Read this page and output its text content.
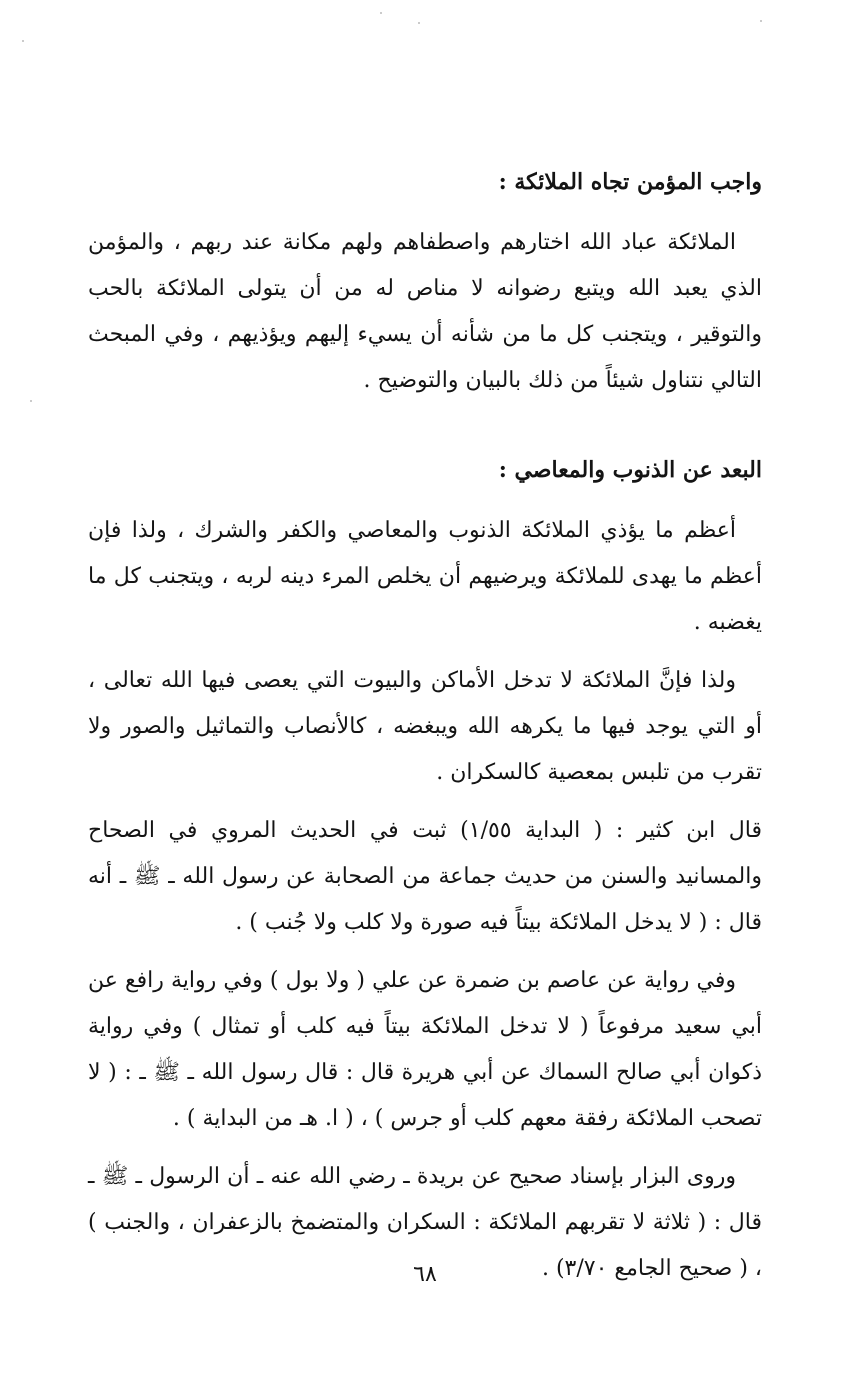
واجب المؤمن تجاه الملائكة :

الملائكة عباد الله اختارهم واصطفاهم ولهم مكانة عند ربهم ، والمؤمن الذي يعبد الله ويتبع رضوانه لا مناص له من أن يتولى الملائكة بالحب والتوقير ، ويتجنب كل ما من شأنه أن يسيء إليهم ويؤذيهم ، وفي المبحث التالي نتناول شيئاً من ذلك بالبيان والتوضيح .

البعد عن الذنوب والمعاصي :

أعظم ما يؤذي الملائكة الذنوب والمعاصي والكفر والشرك ، ولذا فإن أعظم ما يهدى للملائكة ويرضيهم أن يخلص المرء دينه لربه ، ويتجنب كل ما يغضبه .

ولذا فإنَّ الملائكة لا تدخل الأماكن والبيوت التي يعصى فيها الله تعالى ، أو التي يوجد فيها ما يكرهه الله ويبغضه ، كالأنصاب والتماثيل والصور ولا تقرب من تلبس بمعصية كالسكران .

قال ابن كثير : ( البداية ١/٥٥) ثبت في الحديث المروي في الصحاح والمسانيد والسنن من حديث جماعة من الصحابة عن رسول الله ـ ﷺ ـ أنه قال : ( لا يدخل الملائكة بيتاً فيه صورة ولا كلب ولا جُنب ) .

وفي رواية عن عاصم بن ضمرة عن علي ( ولا بول ) وفي رواية رافع عن أبي سعيد مرفوعاً ( لا تدخل الملائكة بيتاً فيه كلب أو تمثال ) وفي رواية ذكوان أبي صالح السماك عن أبي هريرة قال : قال رسول الله ـ ﷺ ـ : ( لا تصحب الملائكة رفقة معهم كلب أو جرس ) ، ( ا. هـ من البداية ) .

وروى البزار بإسناد صحيح عن بريدة ـ رضي الله عنه ـ أن الرسول ـ ﷺ ـ قال : ( ثلاثة لا تقربهم الملائكة : السكران والمتضمخ بالزعفران ، والجنب ) ، ( صحيح الجامع ٣/٧٠) .

٦٨
